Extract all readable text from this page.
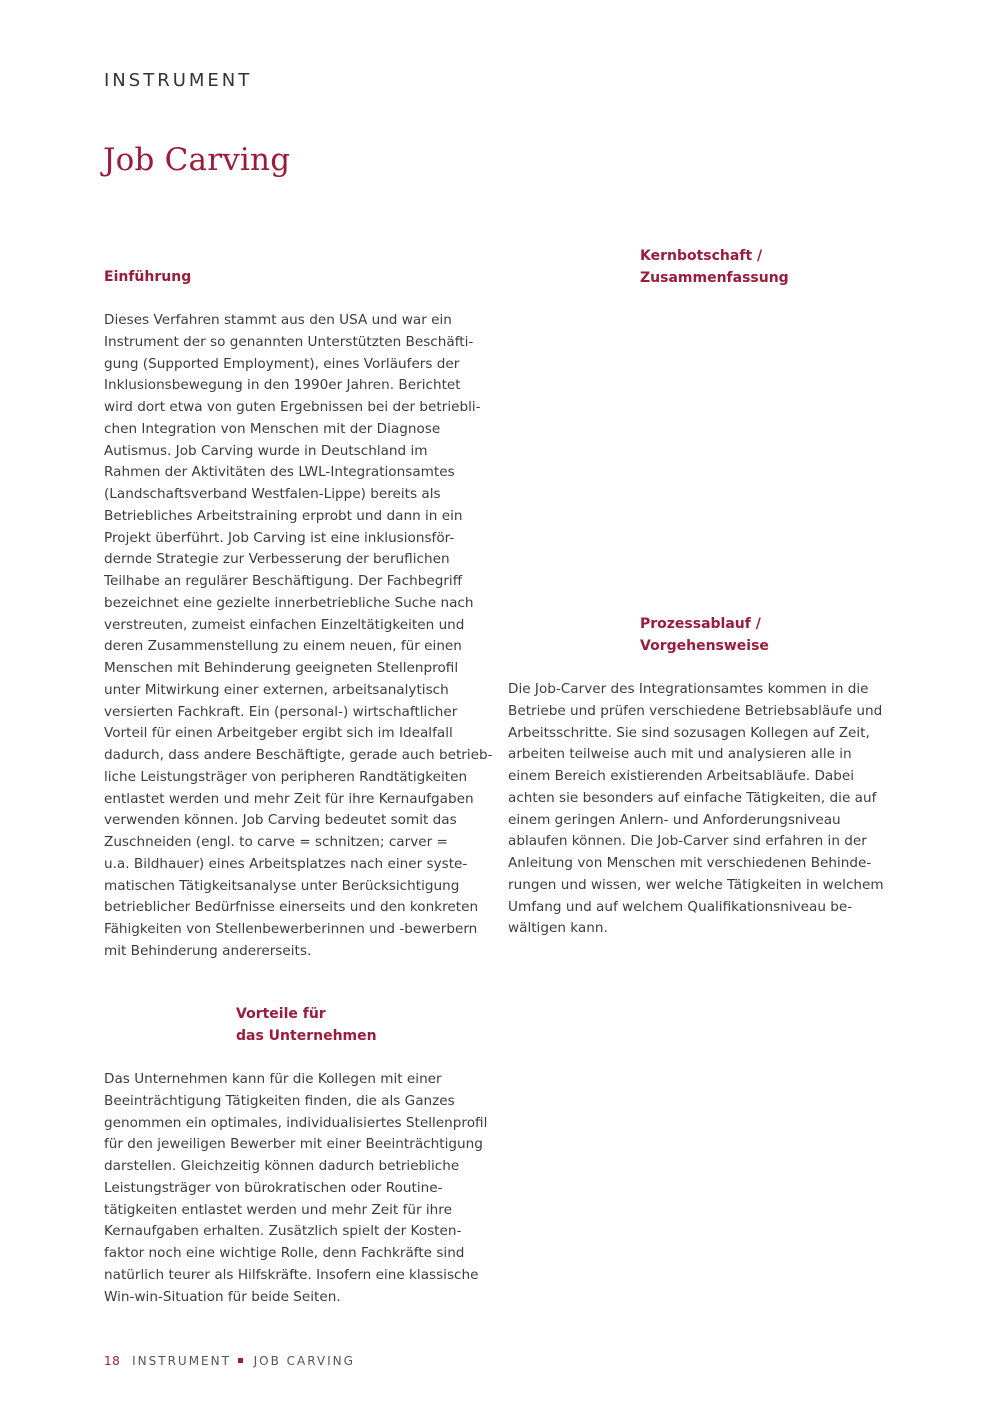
INSTRUMENT
Job Carving
Einführung
Dieses Verfahren stammt aus den USA und war ein
Instrument der so genannten Unterstützten Beschäfti-
gung (Supported Employment), eines Vorläufers der
Inklusionsbewegung in den 1990er Jahren. Berichtet
wird dort etwa von guten Ergebnissen bei der betriebli-
chen Integration von Menschen mit der Diagnose
Autismus. Job Carving wurde in Deutschland im
Rahmen der Aktivitäten des LWL-Integrationsamtes
(Landschaftsverband Westfalen-Lippe) bereits als
Betriebliches Arbeitstraining erprobt und dann in ein
Projekt überführt. Job Carving ist eine inklusionsför-
dernde Strategie zur Verbesserung der beruflichen
Teilhabe an regulärer Beschäftigung. Der Fachbegriff
bezeichnet eine gezielte innerbetriebliche Suche nach
verstreuten, zumeist einfachen Einzeltätigkeiten und
deren Zusammenstellung zu einem neuen, für einen
Menschen mit Behinderung geeigneten Stellenprofil
unter Mitwirkung einer externen, arbeitsanalytisch
versierten Fachkraft. Ein (personal-) wirtschaftlicher
Vorteil für einen Arbeitgeber ergibt sich im Idealfall
dadurch, dass andere Beschäftigte, gerade auch betrieb-
liche Leistungsträger von peripheren Randtätigkeiten
entlastet werden und mehr Zeit für ihre Kernaufgaben
verwenden können. Job Carving bedeutet somit das
Zuschneiden (engl. to carve = schnitzen; carver =
u.a. Bildhauer) eines Arbeitsplatzes nach einer syste-
matischen Tätigkeitsanalyse unter Berücksichtigung
betrieblicher Bedürfnisse einerseits und den konkreten
Fähigkeiten von Stellenbewerberinnen und -bewerbern
mit Behinderung andererseits.
Kernbotschaft /
Zusammenfassung
Prozessablauf /
Vorgehensweise
Die Job-Carver des Integrationsamtes kommen in die
Betriebe und prüfen verschiedene Betriebsabläufe und
Arbeitsschritte. Sie sind sozusagen Kollegen auf Zeit,
arbeiten teilweise auch mit und analysieren alle in
einem Bereich existierenden Arbeitsabläufe. Dabei
achten sie besonders auf einfache Tätigkeiten, die auf
einem geringen Anlern- und Anforderungsniveau
ablaufen können. Die Job-Carver sind erfahren in der
Anleitung von Menschen mit verschiedenen Behinde-
rungen und wissen, wer welche Tätigkeiten in welchem
Umfang und auf welchem Qualifikationsniveau be-
wältigen kann.
Vorteile für
das Unternehmen
Das Unternehmen kann für die Kollegen mit einer
Beeinträchtigung Tätigkeiten finden, die als Ganzes
genommen ein optimales, individualisiertes Stellenprofil
für den jeweiligen Bewerber mit einer Beeinträchtigung
darstellen. Gleichzeitig können dadurch betriebliche
Leistungsträger von bürokratischen oder Routine-
tätigkeiten entlastet werden und mehr Zeit für ihre
Kernaufgaben erhalten. Zusätzlich spielt der Kosten-
faktor noch eine wichtige Rolle, denn Fachkräfte sind
natürlich teurer als Hilfskräfte. Insofern eine klassische
Win-win-Situation für beide Seiten.
18 INSTRUMENT JOB CARVING
